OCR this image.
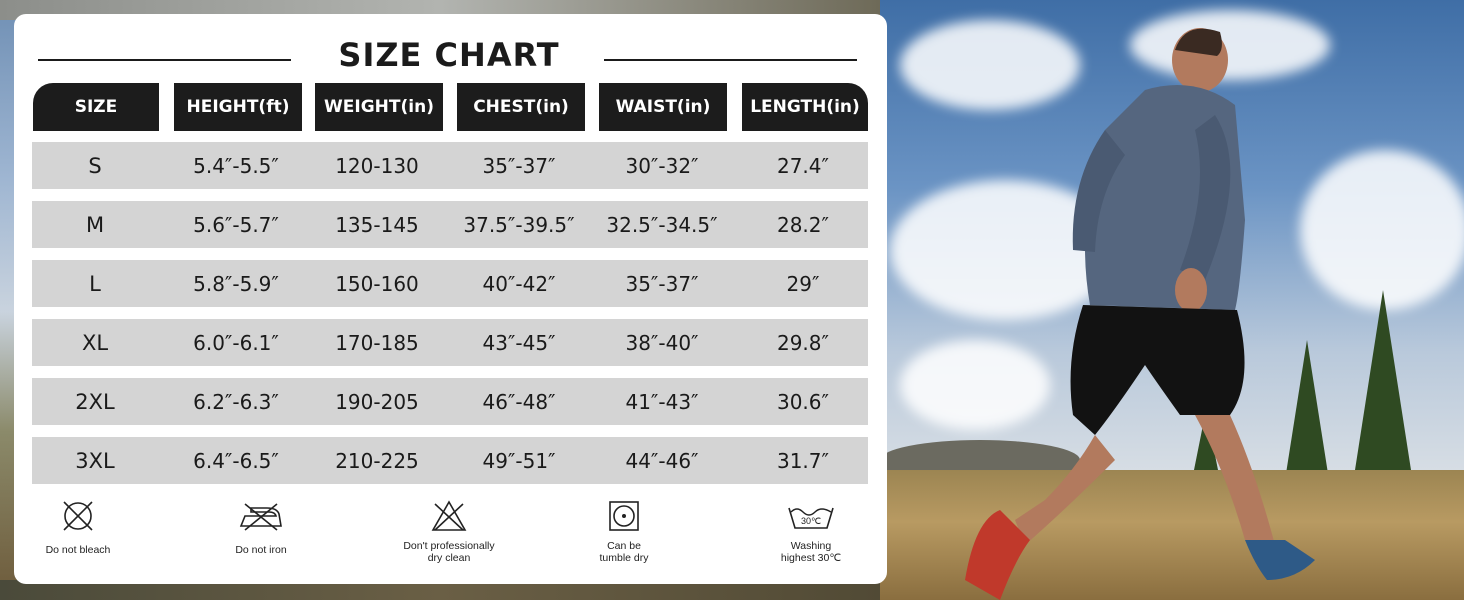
SIZE CHART
SIZE	HEIGHT(ft)	WEIGHT(in)	CHEST(in)	WAIST(in)	LENGTH(in)
S	5.4″-5.5″	120-130	35″-37″	30″-32″	27.4″
M	5.6″-5.7″	135-145	37.5″-39.5″	32.5″-34.5″	28.2″
L	5.8″-5.9″	150-160	40″-42″	35″-37″	29″
XL	6.0″-6.1″	170-185	43″-45″	38″-40″	29.8″
2XL	6.2″-6.3″	190-205	46″-48″	41″-43″	30.6″
3XL	6.4″-6.5″	210-225	49″-51″	44″-46″	31.7″
Do not bleach	Do not iron	Don't professionally
dry clean
Can be
tumble dry
30℃
Washing
highest 30℃
